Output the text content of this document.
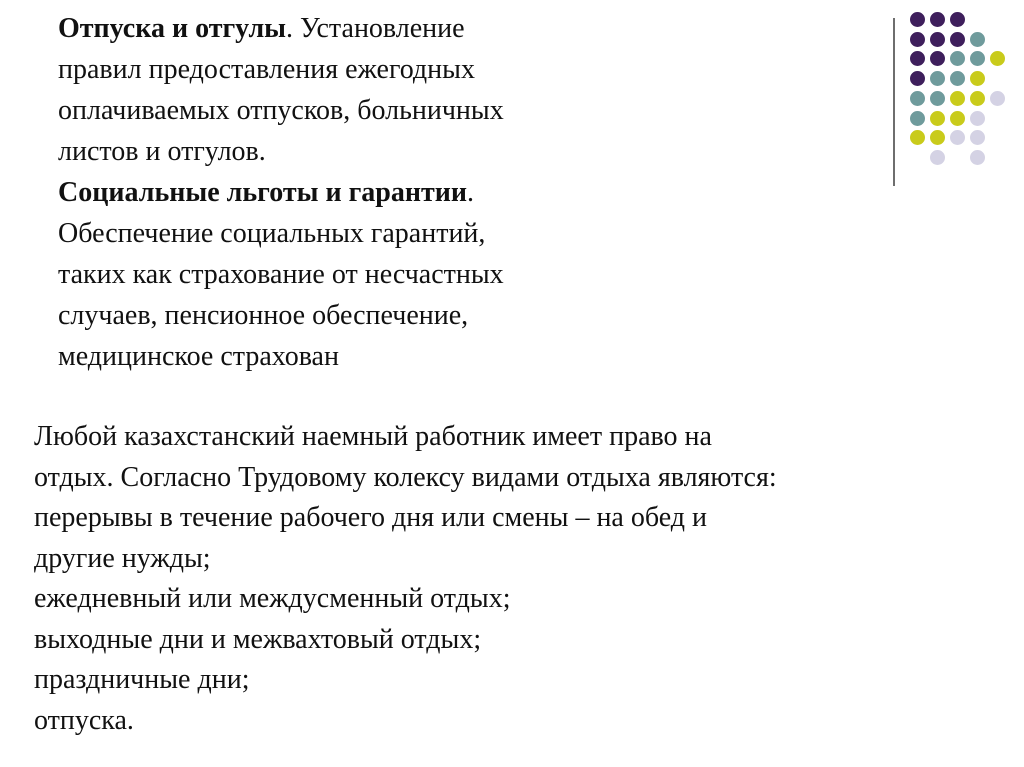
Отпуска и отгулы. Установление
правил предоставления ежегодных
оплачиваемых отпусков, больничных
листов и отгулов.
Социальные льготы и гарантии.
Обеспечение социальных гарантий,
таких как страхование от несчастных
случаев, пенсионное обеспечение,
медицинское страхован
Любой казахстанский наемный работник имеет право на
отдых. Согласно Трудовому колексу видами отдыха являются:
перерывы в течение рабочего дня или смены – на обед и
другие нужды;
ежедневный или междусменный отдых;
выходные дни и межвахтовый отдых;
праздничные дни;
отпуска.
